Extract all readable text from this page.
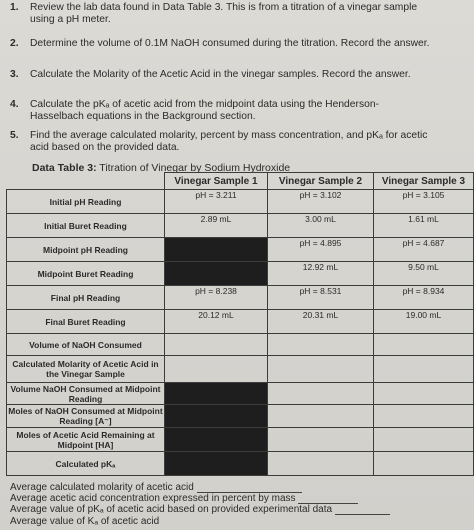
1. Review the lab data found in Data Table 3. This is from a titration of a vinegar sample using a pH meter.
2. Determine the volume of 0.1M NaOH consumed during the titration. Record the answer.
3. Calculate the Molarity of the Acetic Acid in the vinegar samples. Record the answer.
4. Calculate the pKₐ of acetic acid from the midpoint data using the Henderson-Hasselbach equations in the Background section.
5. Find the average calculated molarity, percent by mass concentration, and pKₐ for acetic acid based on the provided data.
Data Table 3: Titration of Vinegar by Sodium Hydroxide
	Vinegar Sample 1	Vinegar Sample 2	Vinegar Sample 3
Initial pH Reading	pH = 3.211	pH = 3.102	pH = 3.105
Initial Buret Reading	2.89 mL	3.00 mL	1.61 mL
Midpoint pH Reading		pH = 4.895	pH = 4.687
Midpoint Buret Reading		12.92 mL	9.50 mL
Final pH Reading	pH = 8.238	pH = 8.531	pH = 8.934
Final Buret Reading	20.12 mL	20.31 mL	19.00 mL
Volume of NaOH Consumed			
Calculated Molarity of Acetic Acid in the Vinegar Sample			
Volume NaOH Consumed at Midpoint Reading			
Moles of NaOH Consumed at Midpoint Reading [A⁻]			
Moles of Acetic Acid Remaining at Midpoint [HA]			
Calculated pKₐ			
Average calculated molarity of acetic acid
Average acetic acid concentration expressed in percent by mass
Average value of pKₐ of acetic acid based on provided experimental data
Average value of Kₐ of acetic acid
